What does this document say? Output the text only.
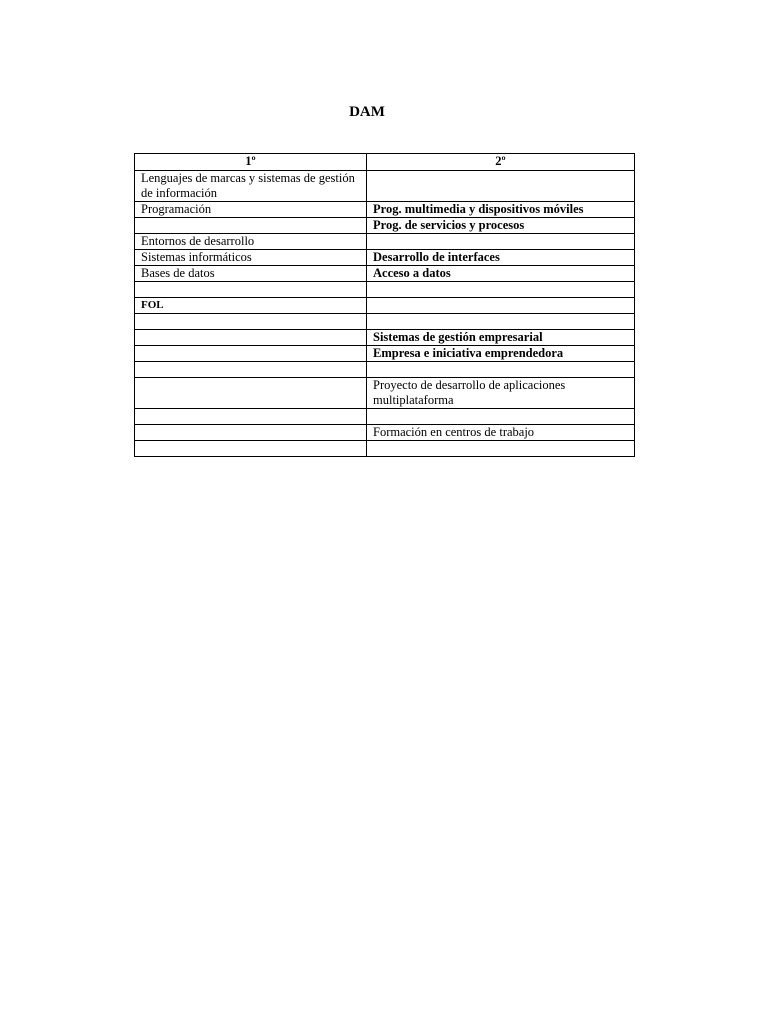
DAM
1º	2º
Lenguajes de marcas y sistemas de gestión de información	
Programación	Prog. multimedia y dispositivos móviles
	Prog. de servicios y procesos
Entornos de desarrollo	
Sistemas informáticos	Desarrollo de interfaces
Bases de datos	Acceso a datos

FOL	

	Sistemas de gestión empresarial
	Empresa e iniciativa emprendedora

	Proyecto de desarrollo de aplicaciones multiplataforma

	Formación en centros de trabajo
